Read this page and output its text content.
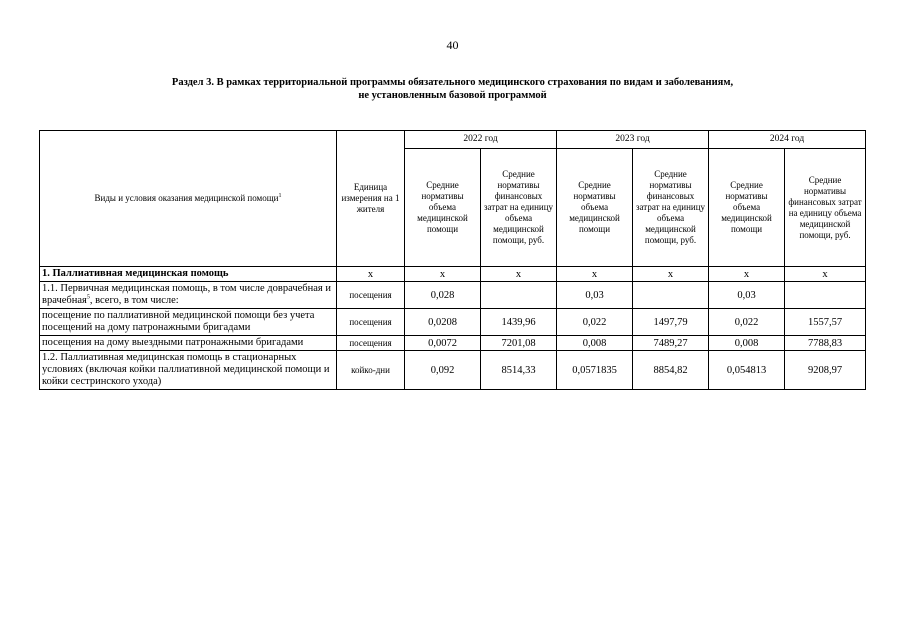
40
Раздел 3. В рамках территориальной программы обязательного медицинского страхования по видам и заболеваниям,
не установленным базовой программой
Виды и условия оказания медицинской помощи$^1$	Единица измерения на 1 жителя	2022 год		2023 год		2024 год	
		Средние нормативы объема медицинской помощи	Средние нормативы финансовых затрат на единицу объема медицинской помощи, руб.	Средние нормативы объема медицинской помощи	Средние нормативы финансовых затрат на единицу объема медицинской помощи, руб.	Средние нормативы объема медицинской помощи	Средние нормативы финансовых затрат на единицу объема медицинской помощи, руб.
1. Паллиативная медицинская помощь	х	х	х	х	х	х	х
1.1. Первичная медицинская помощь, в том числе доврачебная и врачебная$^5$, всего, в том числе:	посещения	0,028		0,03		0,03	
посещение по паллиативной медицинской помощи без учета посещений на дому патронажными бригадами	посещения	0,0208	1439,96	0,022	1497,79	0,022	1557,57
посещения на дому выездными патронажными бригадами	посещения	0,0072	7201,08	0,008	7489,27	0,008	7788,83
1.2. Паллиативная медицинская помощь в стационарных условиях (включая койки паллиативной медицинской помощи и койки сестринского ухода)	койко-дни	0,092	8514,33	0,0571835	8854,82	0,054813	9208,97
